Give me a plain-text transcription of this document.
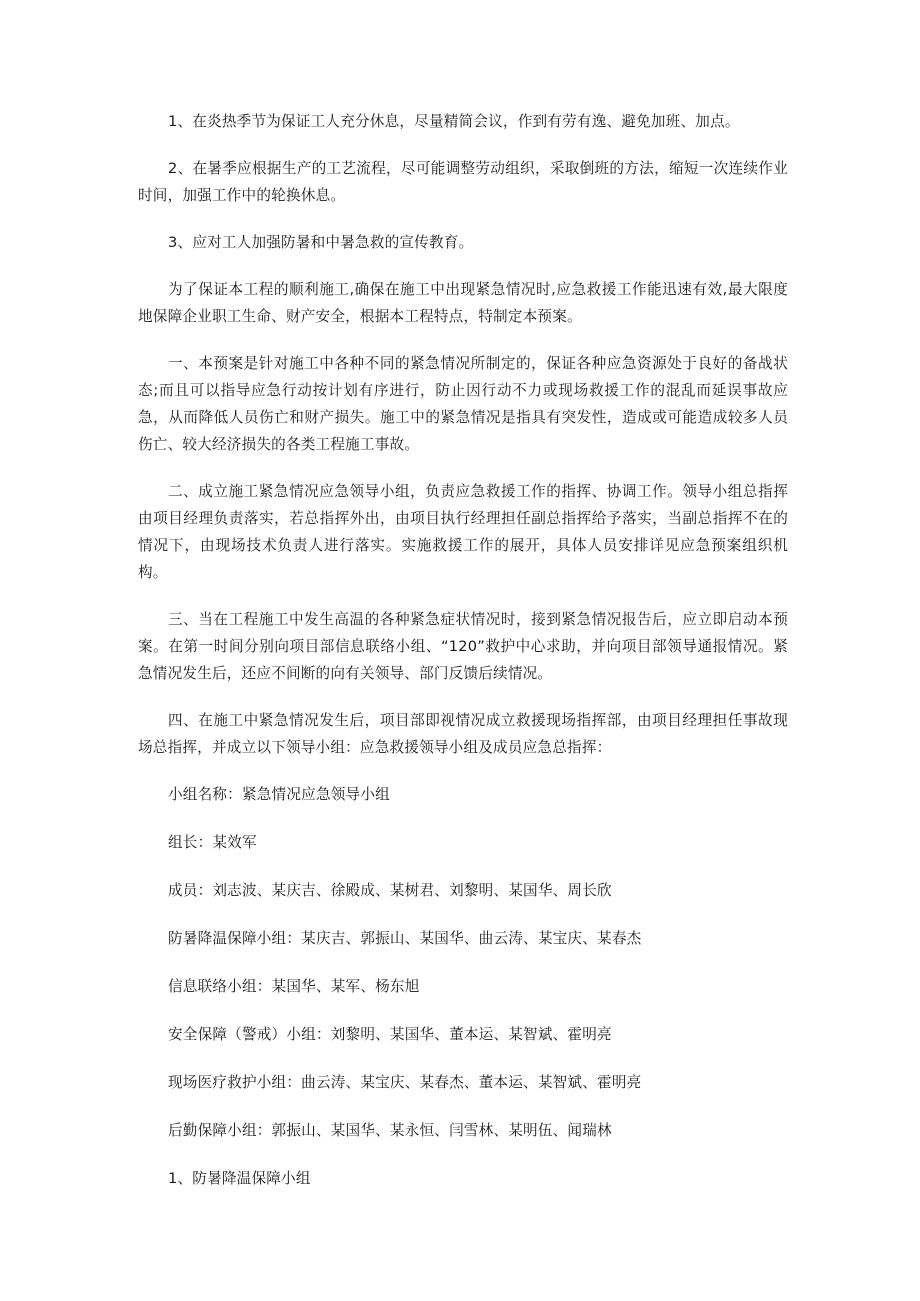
1、在炎热季节为保证工人充分休息，尽量精简会议，作到有劳有逸、避免加班、加点。

2、在暑季应根据生产的工艺流程，尽可能调整劳动组织，采取倒班的方法，缩短一次连续作业时间，加强工作中的轮换休息。

3、应对工人加强防暑和中暑急救的宣传教育。

为了保证本工程的顺利施工,确保在施工中出现紧急情况时,应急救援工作能迅速有效,最大限度地保障企业职工生命、财产安全，根据本工程特点，特制定本预案。

一、本预案是针对施工中各种不同的紧急情况所制定的，保证各种应急资源处于良好的备战状态;而且可以指导应急行动按计划有序进行，防止因行动不力或现场救援工作的混乱而延误事故应急，从而降低人员伤亡和财产损失。施工中的紧急情况是指具有突发性，造成或可能造成较多人员伤亡、较大经济损失的各类工程施工事故。

二、成立施工紧急情况应急领导小组，负责应急救援工作的指挥、协调工作。领导小组总指挥由项目经理负责落实，若总指挥外出，由项目执行经理担任副总指挥给予落实，当副总指挥不在的情况下，由现场技术负责人进行落实。实施救援工作的展开，具体人员安排详见应急预案组织机构。

三、当在工程施工中发生高温的各种紧急症状情况时，接到紧急情况报告后，应立即启动本预案。在第一时间分别向项目部信息联络小组、“120”救护中心求助，并向项目部领导通报情况。紧急情况发生后，还应不间断的向有关领导、部门反馈后续情况。

四、在施工中紧急情况发生后，项目部即视情况成立救援现场指挥部，由项目经理担任事故现场总指挥，并成立以下领导小组：应急救援领导小组及成员应急总指挥：

小组名称：紧急情况应急领导小组

组长：某效军

成员：刘志波、某庆吉、徐殿成、某树君、刘黎明、某国华、周长欣

防暑降温保障小组：某庆吉、郭振山、某国华、曲云涛、某宝庆、某春杰

信息联络小组：某国华、某军、杨东旭

安全保障（警戒）小组：刘黎明、某国华、董本运、某智斌、霍明亮

现场医疗救护小组：曲云涛、某宝庆、某春杰、董本运、某智斌、霍明亮

后勤保障小组：郭振山、某国华、某永恒、闫雪林、某明伍、闻瑞林

1、防暑降温保障小组
